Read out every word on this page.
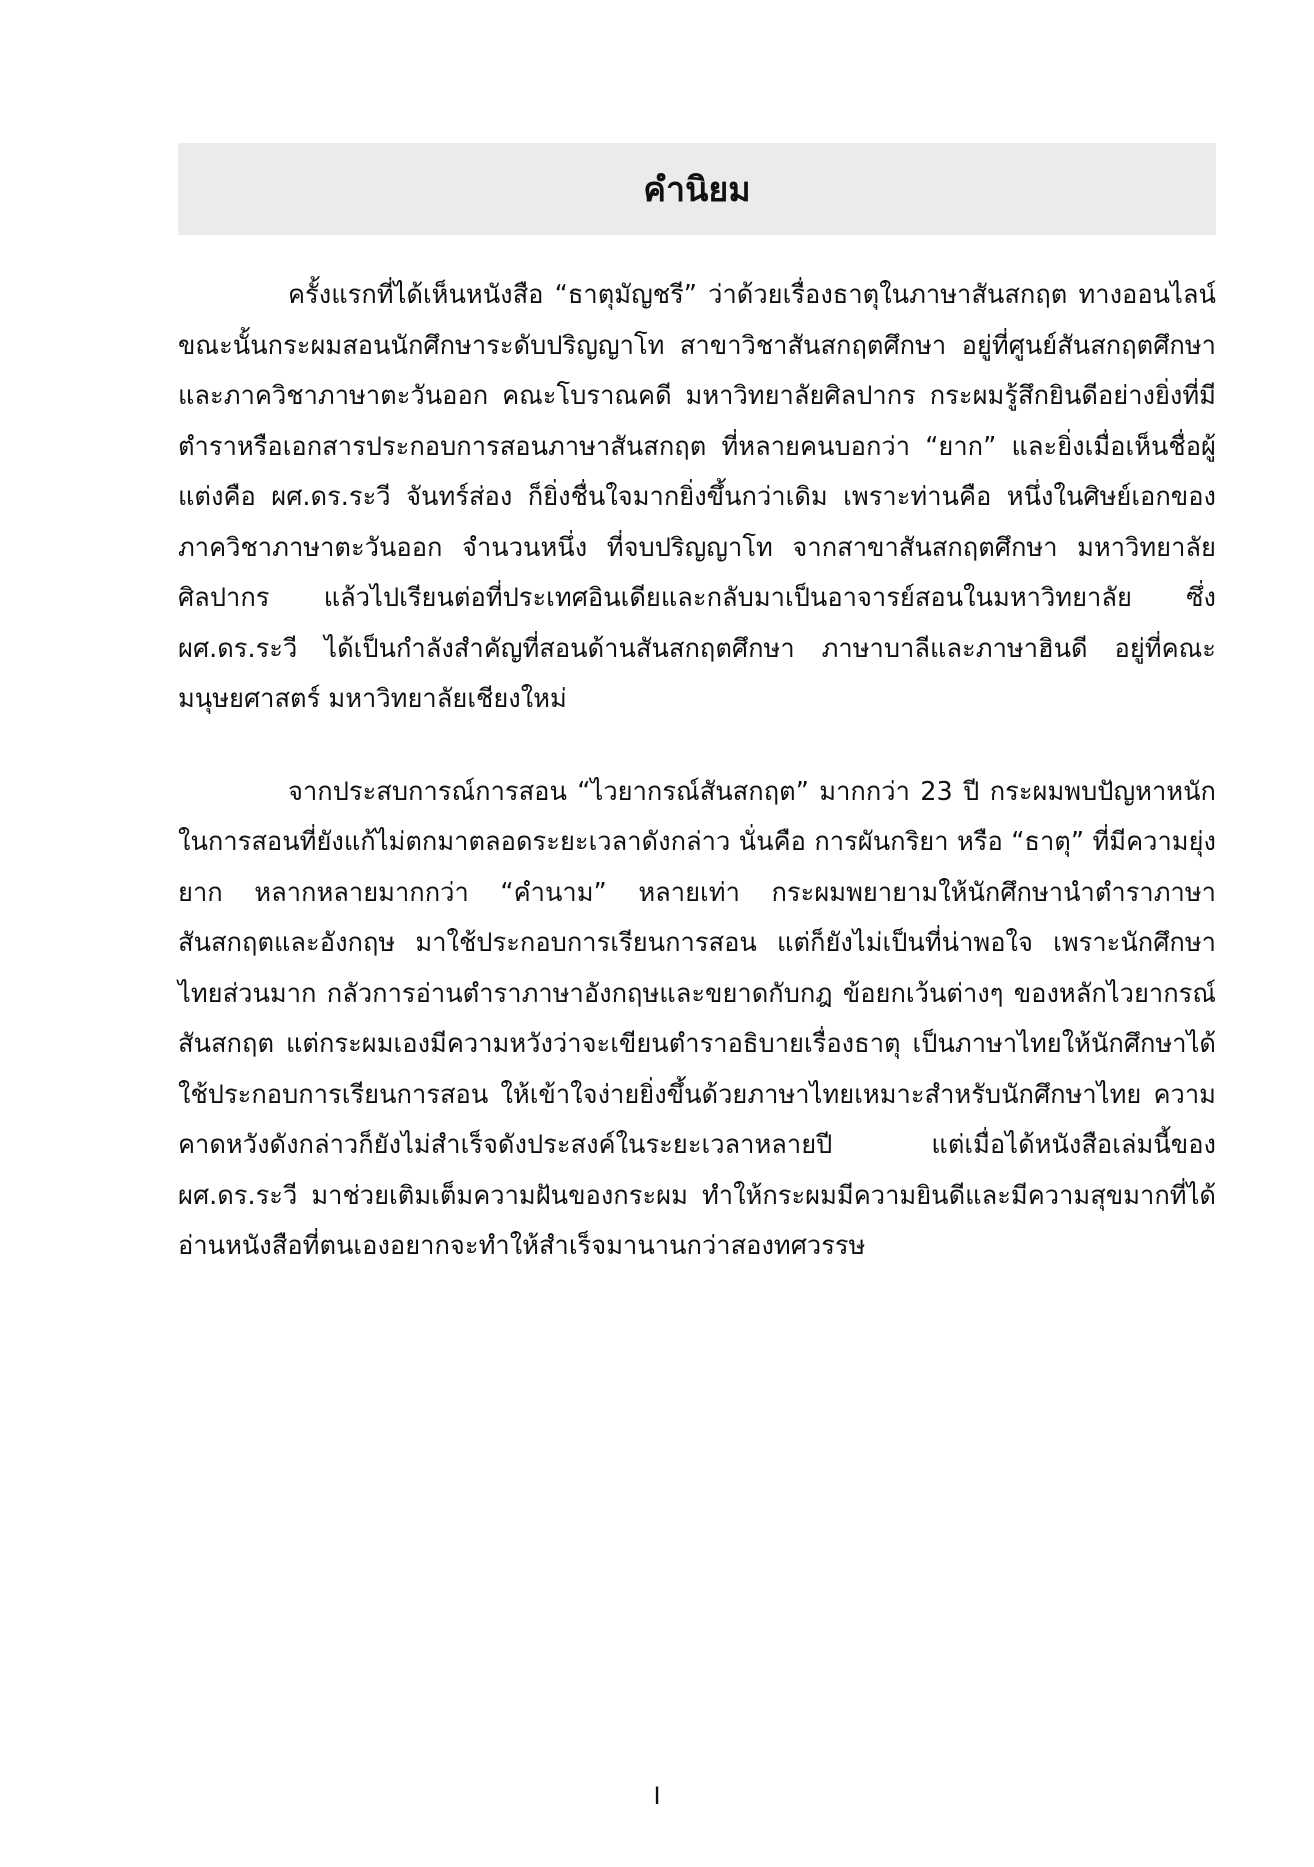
คำนิยม

ครั้งแรกที่ได้เห็นหนังสือ “ธาตุมัญชรี” ว่าด้วยเรื่องธาตุในภาษาสันสกฤต ทางออนไลน์ ขณะนั้นกระผมสอนนักศึกษาระดับปริญญาโท สาขาวิชาสันสกฤตศึกษา อยู่ที่ศูนย์สันสกฤตศึกษา และภาควิชาภาษาตะวันออก คณะโบราณคดี มหาวิทยาลัยศิลปากร กระผมรู้สึกยินดีอย่างยิ่งที่มีตำราหรือเอกสารประกอบการสอนภาษาสันสกฤต ที่หลายคนบอกว่า “ยาก” และยิ่งเมื่อเห็นชื่อผู้แต่งคือ ผศ.ดร.ระวี จันทร์ส่อง ก็ยิ่งชื่นใจมากยิ่งขึ้นกว่าเดิม เพราะท่านคือ หนึ่งในศิษย์เอกของภาควิชาภาษาตะวันออก จำนวนหนึ่ง ที่จบปริญญาโท จากสาขาสันสกฤตศึกษา มหาวิทยาลัยศิลปากร แล้วไปเรียนต่อที่ประเทศอินเดียและกลับมาเป็นอาจารย์สอนในมหาวิทยาลัย ซึ่ง ผศ.ดร.ระวี ได้เป็นกำลังสำคัญที่สอนด้านสันสกฤตศึกษา ภาษาบาลีและภาษาฮินดี อยู่ที่คณะมนุษยศาสตร์ มหาวิทยาลัยเชียงใหม่

จากประสบการณ์การสอน “ไวยากรณ์สันสกฤต” มากกว่า 23 ปี กระผมพบปัญหาหนักในการสอนที่ยังแก้ไม่ตกมาตลอดระยะเวลาดังกล่าว นั่นคือ การผันกริยา หรือ “ธาตุ” ที่มีความยุ่งยาก หลากหลายมากกว่า “คำนาม” หลายเท่า กระผมพยายามให้นักศึกษานำตำราภาษาสันสกฤตและอังกฤษ มาใช้ประกอบการเรียนการสอน แต่ก็ยังไม่เป็นที่น่าพอใจ เพราะนักศึกษาไทยส่วนมาก กลัวการอ่านตำราภาษาอังกฤษและขยาดกับกฎ ข้อยกเว้นต่างๆ ของหลักไวยากรณ์สันสกฤต แต่กระผมเองมีความหวังว่าจะเขียนตำราอธิบายเรื่องธาตุ เป็นภาษาไทยให้นักศึกษาได้ใช้ประกอบการเรียนการสอน ให้เข้าใจง่ายยิ่งขึ้นด้วยภาษาไทยเหมาะสำหรับนักศึกษาไทย ความคาดหวังดังกล่าวก็ยังไม่สำเร็จดังประสงค์ในระยะเวลาหลายปี แต่เมื่อได้หนังสือเล่มนี้ของ ผศ.ดร.ระวี มาช่วยเติมเต็มความฝันของกระผม ทำให้กระผมมีความยินดีและมีความสุขมากที่ได้อ่านหนังสือที่ตนเองอยากจะทำให้สำเร็จมานานกว่าสองทศวรรษ

I
